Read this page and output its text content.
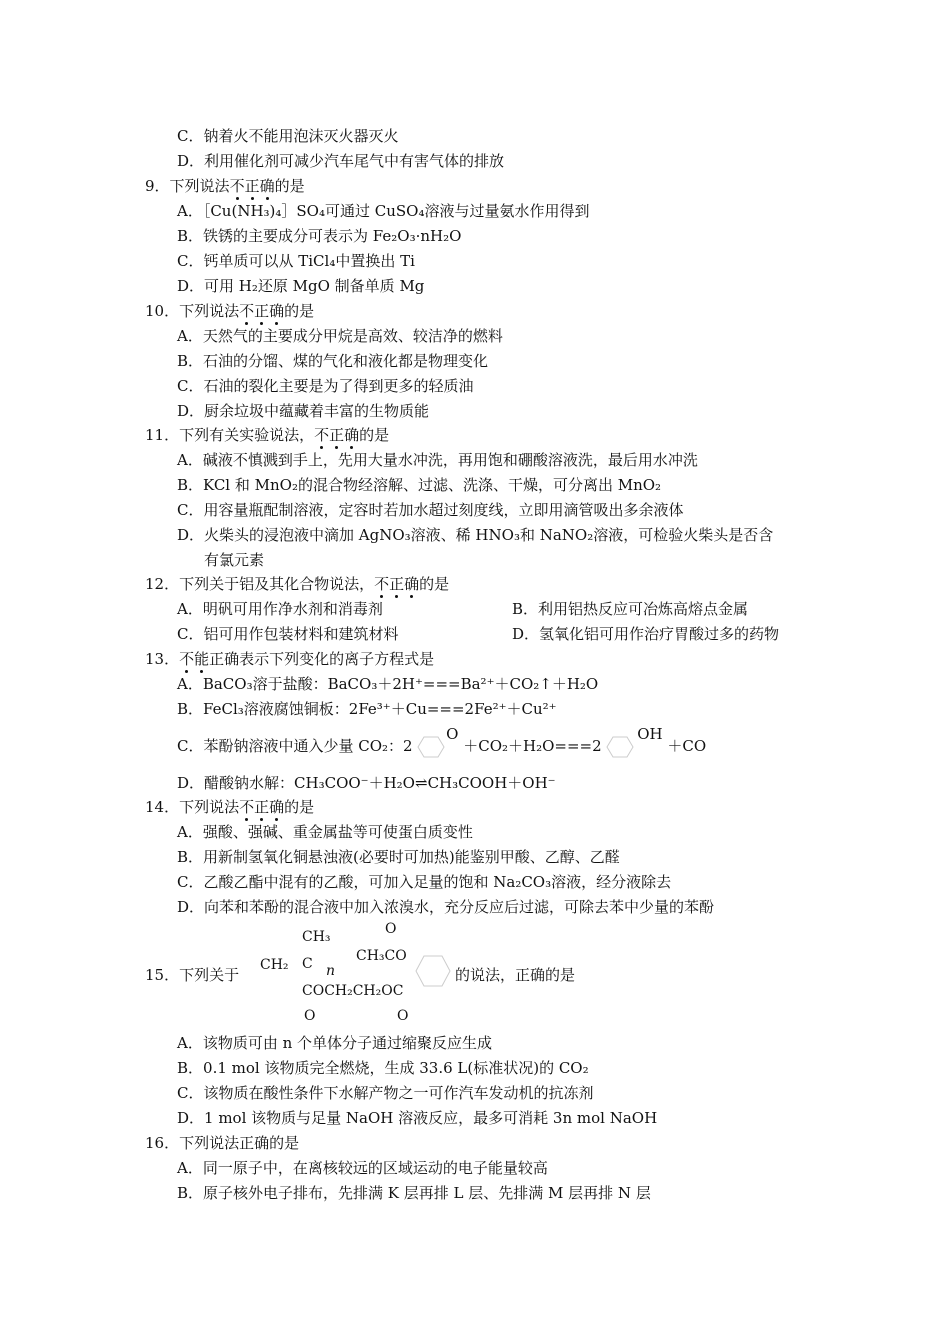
C．钠着火不能用泡沫灭火器灭火
D．利用催化剂可减少汽车尾气中有害气体的排放
9．下列说法不正确的是
A．［Cu(NH₃)₄］SO₄可通过 CuSO₄溶液与过量氨水作用得到
B．铁锈的主要成分可表示为 Fe₂O₃·nH₂O
C．钙单质可以从 TiCl₄中置换出 Ti
D．可用 H₂还原 MgO 制备单质 Mg
10．下列说法不正确的是
A．天然气的主要成分甲烷是高效、较洁净的燃料
B．石油的分馏、煤的气化和液化都是物理变化
C．石油的裂化主要是为了得到更多的轻质油
D．厨余垃圾中蕴藏着丰富的生物质能
11．下列有关实验说法，不正确的是
A．碱液不慎溅到手上，先用大量水冲洗，再用饱和硼酸溶液洗，最后用水冲洗
B．KCl 和 MnO₂的混合物经溶解、过滤、洗涤、干燥，可分离出 MnO₂
C．用容量瓶配制溶液，定容时若加水超过刻度线，立即用滴管吸出多余液体
D．火柴头的浸泡液中滴加 AgNO₃溶液、稀 HNO₃和 NaNO₂溶液，可检验火柴头是否含
有氯元素
12．下列关于铝及其化合物说法，不正确的是
A．明矾可用作净水剂和消毒剂	B．利用铝热反应可冶炼高熔点金属
C．铝可用作包装材料和建筑材料	D．氢氧化铝可用作治疗胃酸过多的药物
13．不能正确表示下列变化的离子方程式是
A．BaCO₃溶于盐酸：BaCO₃＋2H⁺===Ba²⁺＋CO₂↑＋H₂O
B．FeCl₃溶液腐蚀铜板：2Fe³⁺＋Cu===2Fe²⁺＋Cu²⁺
C．苯酚钠溶液中通入少量 CO₂：2  O ＋CO₂＋H₂O===2  OH ＋CO
D．醋酸钠水解：CH₃COO⁻＋H₂O⇌CH₃COOH＋OH⁻
14．下列说法不正确的是
A．强酸、强碱、重金属盐等可使蛋白质变性
B．用新制氢氧化铜悬浊液(必要时可加热)能鉴别甲酸、乙醇、乙醛
C．乙酸乙酯中混有的乙酸，可加入足量的饱和 Na₂CO₃溶液，经分液除去
D．向苯和苯酚的混合液中加入浓溴水，充分反应后过滤，可除去苯中少量的苯酚
15．下列关于
CH₃	O
CH₂ C n
CH₃CO
COCH₂CH₂OC
O	O
的说法，正确的是
A．该物质可由 n 个单体分子通过缩聚反应生成
B．0.1 mol 该物质完全燃烧，生成 33.6 L(标准状况)的 CO₂
C．该物质在酸性条件下水解产物之一可作汽车发动机的抗冻剂
D．1 mol 该物质与足量 NaOH 溶液反应，最多可消耗 3n mol NaOH
16．下列说法正确的是
A．同一原子中，在离核较远的区域运动的电子能量较高
B．原子核外电子排布，先排满 K 层再排 L 层、先排满 M 层再排 N 层
